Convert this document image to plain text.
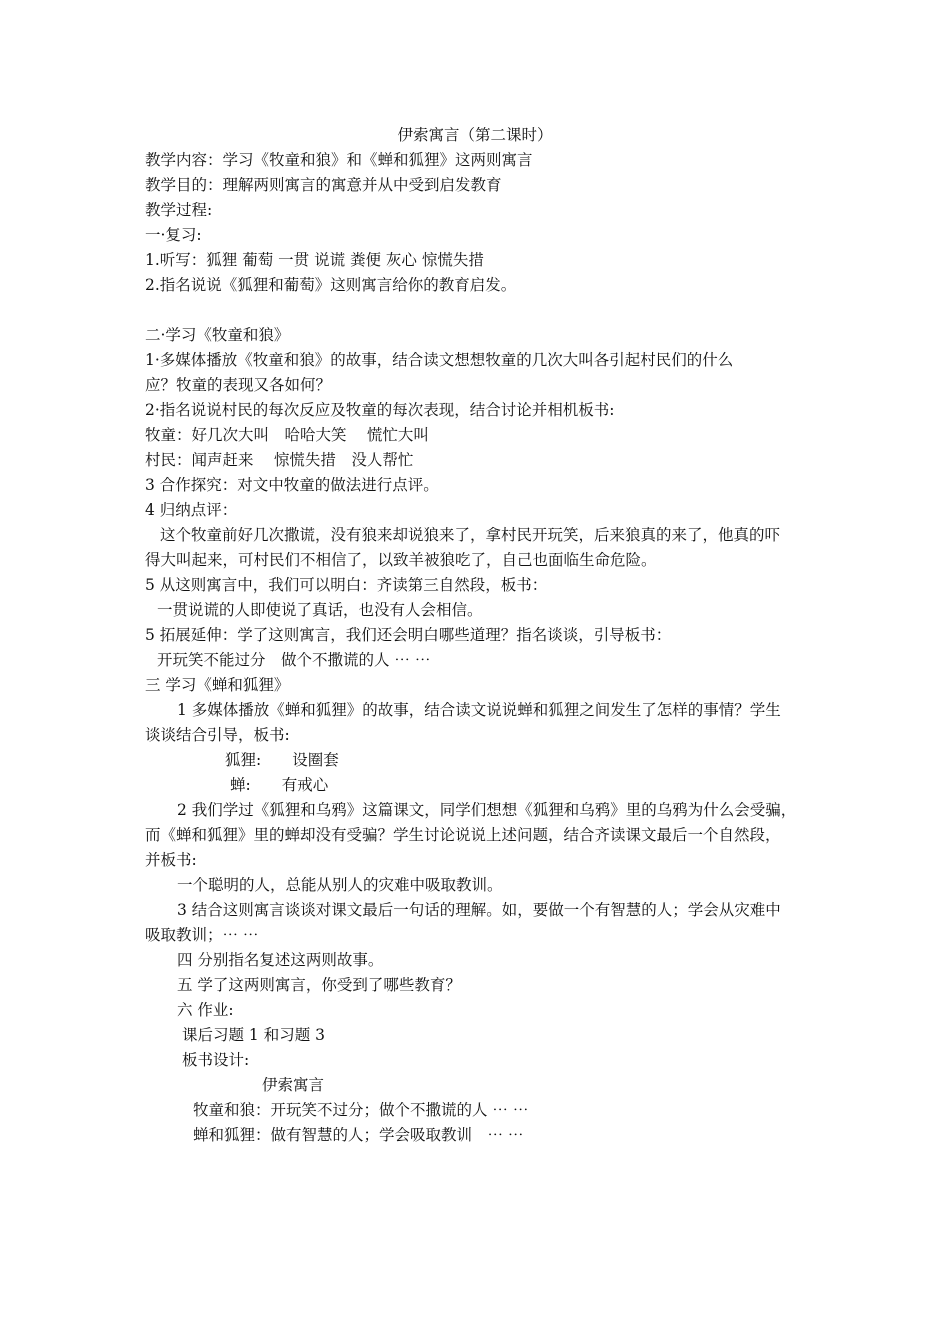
伊索寓言（第二课时）
教学内容：学习《牧童和狼》和《蝉和狐狸》这两则寓言
教学目的：理解两则寓言的寓意并从中受到启发教育
教学过程:
一·复习:
1.听写：狐狸 葡萄 一贯 说谎 粪便 灰心 惊慌失措
2.指名说说《狐狸和葡萄》这则寓言给你的教育启发。
二·学习《牧童和狼》
1·多媒体播放《牧童和狼》的故事，结合读文想想牧童的几次大叫各引起村民们的什么
应？牧童的表现又各如何？
2·指名说说村民的每次反应及牧童的每次表现，结合讨论并相机板书:
牧童：好几次大叫　哈哈大笑　 慌忙大叫
村民：闻声赶来　 惊慌失措　没人帮忙
3 合作探究：对文中牧童的做法进行点评。
4 归纳点评：
这个牧童前好几次撒谎，没有狼来却说狼来了，拿村民开玩笑，后来狼真的来了，他真的吓
得大叫起来，可村民们不相信了，以致羊被狼吃了，自己也面临生命危险。
5 从这则寓言中，我们可以明白：齐读第三自然段，板书：
一贯说谎的人即使说了真话，也没有人会相信。
5 拓展延伸：学了这则寓言，我们还会明白哪些道理？指名谈谈，引导板书：
开玩笑不能过分　做个不撒谎的人 ⋯ ⋯
三 学习《蝉和狐狸》
1 多媒体播放《蝉和狐狸》的故事，结合读文说说蝉和狐狸之间发生了怎样的事情？学生
谈谈结合引导，板书:
狐狸:　　设圈套
蝉:　　有戒心
2 我们学过《狐狸和乌鸦》这篇课文，同学们想想《狐狸和乌鸦》里的乌鸦为什么会受骗，
而《蝉和狐狸》里的蝉却没有受骗？学生讨论说说上述问题，结合齐读课文最后一个自然段，
并板书:
一个聪明的人，总能从别人的灾难中吸取教训。
3 结合这则寓言谈谈对课文最后一句话的理解。如，要做一个有智慧的人；学会从灾难中
吸取教训；⋯ ⋯
四 分别指名复述这两则故事。
五 学了这两则寓言，你受到了哪些教育？
六 作业:
课后习题 1 和习题 3
板书设计:
伊索寓言
牧童和狼：开玩笑不过分；做个不撒谎的人 ⋯ ⋯
蝉和狐狸：做有智慧的人；学会吸取教训　⋯ ⋯
